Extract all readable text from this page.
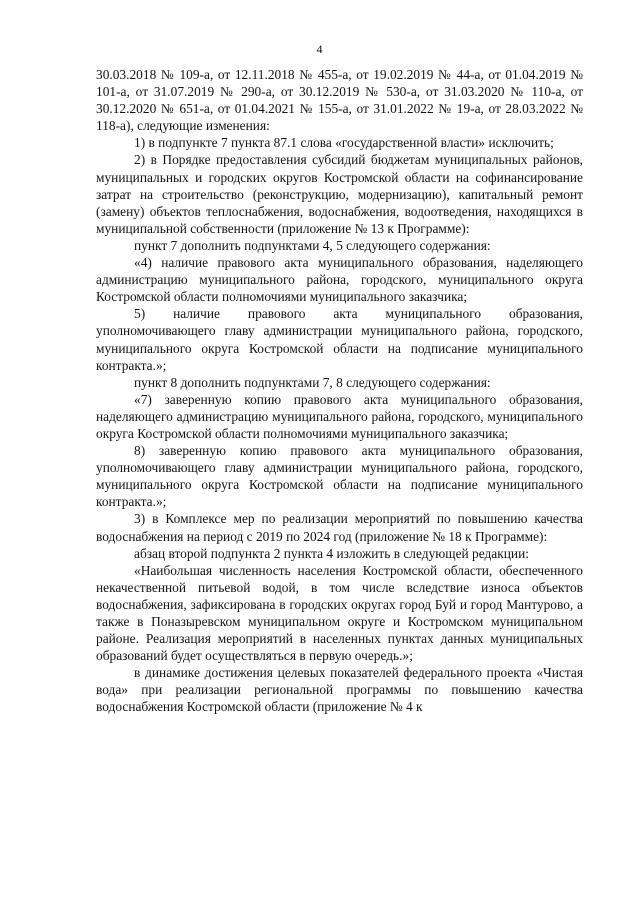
4

30.03.2018 № 109-а, от 12.11.2018 № 455-а, от 19.02.2019 № 44-а, от 01.04.2019 № 101-а, от 31.07.2019 № 290-а, от 30.12.2019 № 530-а, от 31.03.2020 № 110-а, от 30.12.2020 № 651-а, от 01.04.2021 № 155-а, от 31.01.2022 № 19-а, от 28.03.2022 № 118-а), следующие изменения:

1) в подпункте 7 пункта 87.1 слова «государственной власти» исключить;

2) в Порядке предоставления субсидий бюджетам муниципальных районов, муниципальных и городских округов Костромской области на софинансирование затрат на строительство (реконструкцию, модернизацию), капитальный ремонт (замену) объектов теплоснабжения, водоснабжения, водоотведения, находящихся в муниципальной собственности (приложение № 13 к Программе):

пункт 7 дополнить подпунктами 4, 5 следующего содержания:

«4) наличие правового акта муниципального образования, наделяющего администрацию муниципального района, городского, муниципального округа Костромской области полномочиями муниципального заказчика;

5) наличие правового акта муниципального образования, уполномочивающего главу администрации муниципального района, городского, муниципального округа Костромской области на подписание муниципального контракта.»;

пункт 8 дополнить подпунктами 7, 8 следующего содержания:

«7) заверенную копию правового акта муниципального образования, наделяющего администрацию муниципального района, городского, муниципального округа Костромской области полномочиями муниципального заказчика;

8) заверенную копию правового акта муниципального образования, уполномочивающего главу администрации муниципального района, городского, муниципального округа Костромской области на подписание муниципального контракта.»;

3) в Комплексе мер по реализации мероприятий по повышению качества водоснабжения на период с 2019 по 2024 год (приложение № 18 к Программе):

абзац второй подпункта 2 пункта 4 изложить в следующей редакции:

«Наибольшая численность населения Костромской области, обеспеченного некачественной питьевой водой, в том числе вследствие износа объектов водоснабжения, зафиксирована в городских округах город Буй и город Мантурово, а также в Поназыревском муниципальном округе и Костромском муниципальном районе. Реализация мероприятий в населенных пунктах данных муниципальных образований будет осуществляться в первую очередь.»;

в динамике достижения целевых показателей федерального проекта «Чистая вода» при реализации региональной программы по повышению качества водоснабжения Костромской области (приложение № 4 к
